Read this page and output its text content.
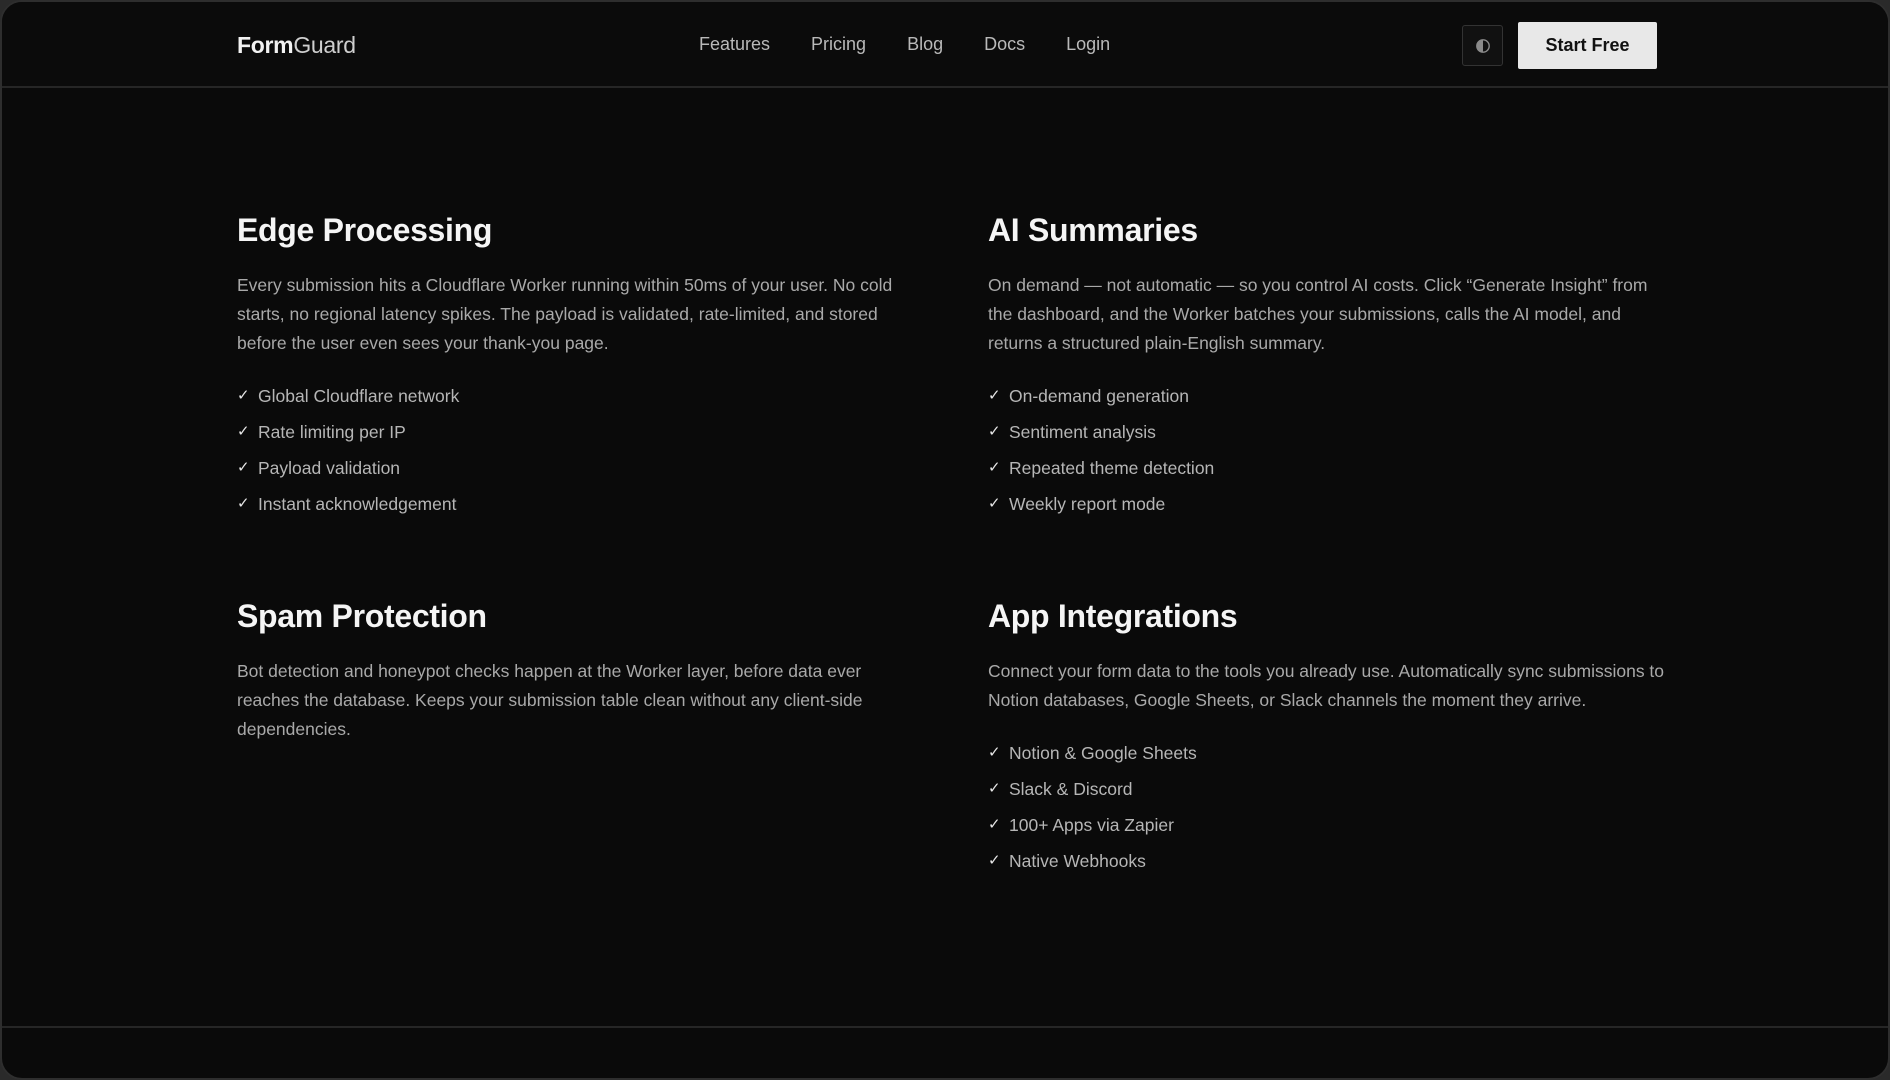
FormGuard	Features Pricing Blog Docs Login	Start Free
Edge Processing

Every submission hits a Cloudflare Worker running within 50ms of your user. No cold starts, no regional latency spikes. The payload is validated, rate-limited, and stored before the user even sees your thank-you page.

✓ Global Cloudflare network
✓ Rate limiting per IP
✓ Payload validation
✓ Instant acknowledgement
AI Summaries

On demand — not automatic — so you control AI costs. Click “Generate Insight” from the dashboard, and the Worker batches your submissions, calls the AI model, and returns a structured plain-English summary.

✓ On-demand generation
✓ Sentiment analysis
✓ Repeated theme detection
✓ Weekly report mode
Spam Protection

Bot detection and honeypot checks happen at the Worker layer, before data ever reaches the database. Keeps your submission table clean without any client-side dependencies.

App Integrations

Connect your form data to the tools you already use. Automatically sync submissions to Notion databases, Google Sheets, or Slack channels the moment they arrive.

✓ Notion & Google Sheets
✓ Slack & Discord
✓ 100+ Apps via Zapier
✓ Native Webhooks
